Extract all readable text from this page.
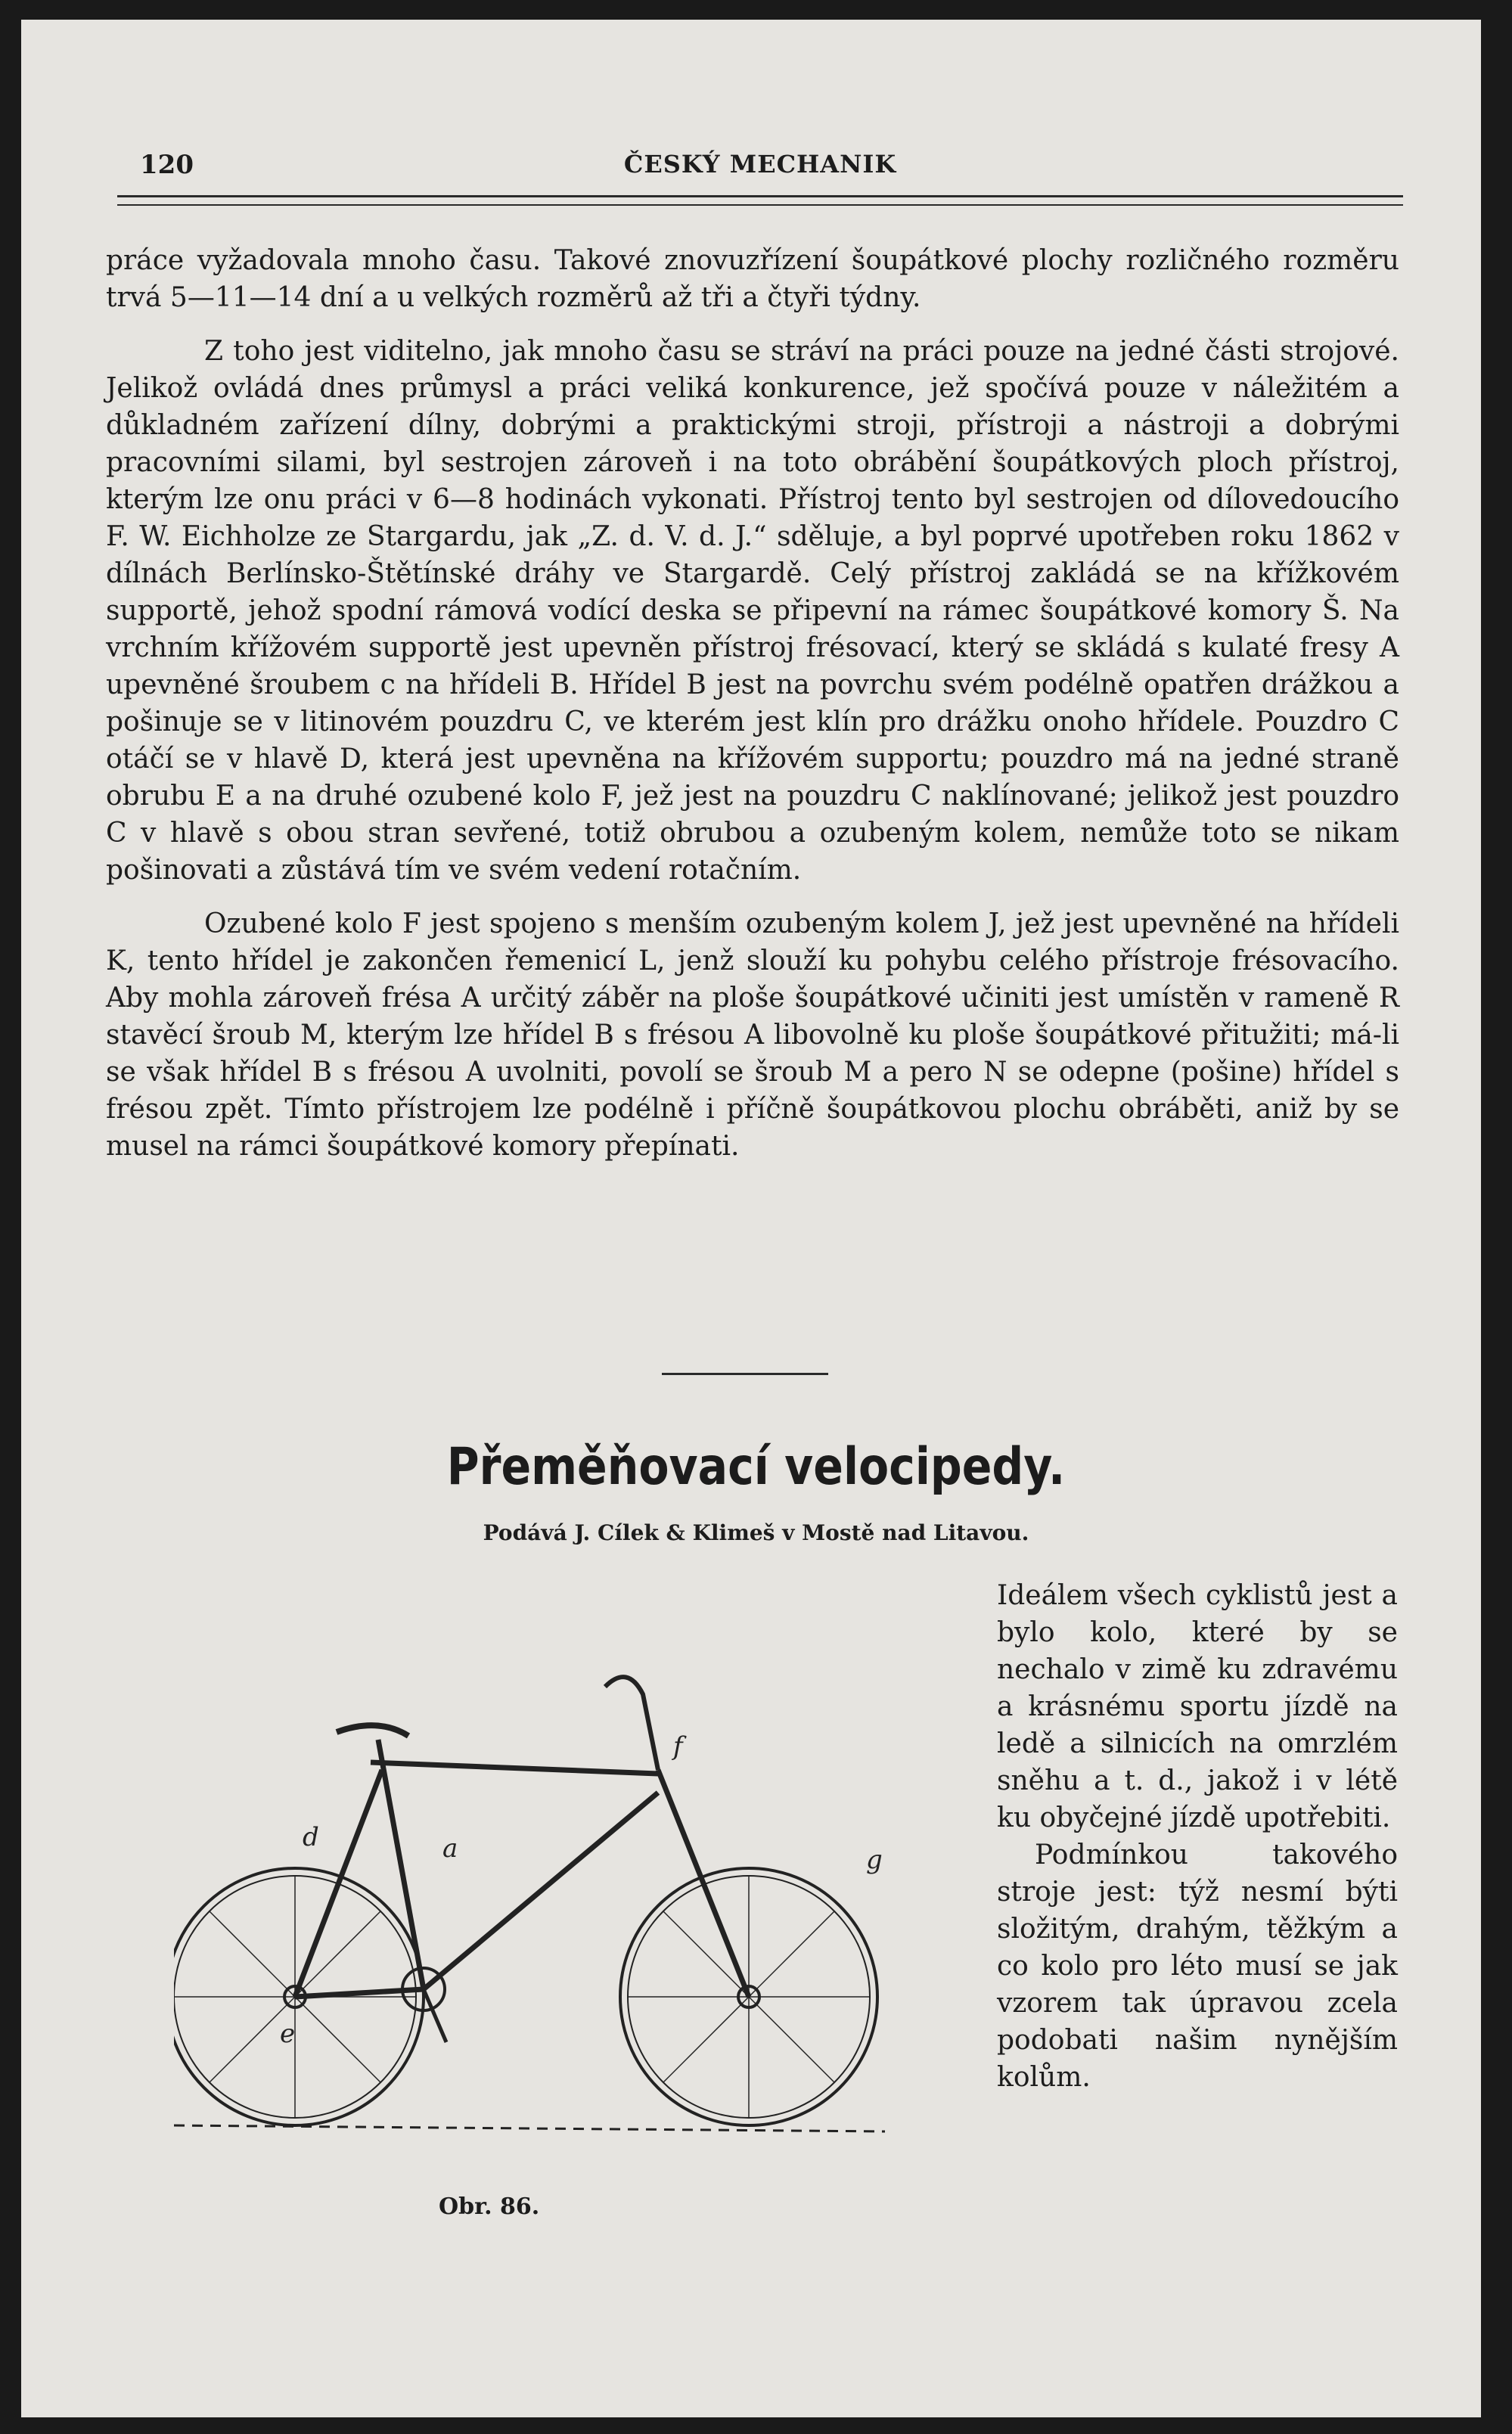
120	ČESKÝ MECHANIK

práce vyžadovala mnoho času. Takové znovuzřízení šoupátkové plochy rozličného rozměru trvá 5—11—14 dní a u velkých rozměrů až tři a čtyři týdny.

Z toho jest viditelno, jak mnoho času se stráví na práci pouze na jedné části strojové. Jelikož ovládá dnes průmysl a práci veliká konkurence, jež spočívá pouze v náležitém a důkladném zařízení dílny, dobrými a praktickými stroji, přístroji a nástroji a dobrými pracovními silami, byl sestrojen zároveň i na toto obrábění šoupátkových ploch přístroj, kterým lze onu práci v 6—8 hodinách vykonati. Přístroj tento byl sestrojen od dílovedoucího F. W. Eichholze ze Stargardu, jak „Z. d. V. d. J.“ sděluje, a byl poprvé upotřeben roku 1862 v dílnách Berlínsko-Štětínské dráhy ve Stargardě. Celý přístroj zakládá se na křížkovém supportě, jehož spodní rámová vodící deska se připevní na rámec šoupátkové komory Š. Na vrchním křížovém supportě jest upevněn přístroj frésovací, který se skládá s kulaté fresy A upevněné šroubem c na hřídeli B. Hřídel B jest na povrchu svém podélně opatřen drážkou a pošinuje se v litinovém pouzdru C, ve kterém jest klín pro drážku onoho hřídele. Pouzdro C otáčí se v hlavě D, která jest upevněna na křížovém supportu; pouzdro má na jedné straně obrubu E a na druhé ozubené kolo F, jež jest na pouzdru C naklínované; jelikož jest pouzdro C v hlavě s obou stran sevřené, totiž obrubou a ozubeným kolem, nemůže toto se nikam pošinovati a zůstává tím ve svém vedení rotačním.

Ozubené kolo F jest spojeno s menším ozubeným kolem J, jež jest upevněné na hřídeli K, tento hřídel je zakončen řemenicí L, jenž slouží ku pohybu celého přístroje frésovacího. Aby mohla zároveň frésa A určitý záběr na ploše šoupátkové učiniti jest umístěn v rameně R stavěcí šroub M, kterým lze hřídel B s frésou A libovolně ku ploše šoupátkové přitužiti; má-li se však hřídel B s frésou A uvolniti, povolí se šroub M a pero N se odepne (pošine) hřídel s frésou zpět. Tímto přístrojem lze podélně i příčně šoupátkovou plochu obráběti, aniž by se musel na rámci šoupátkové komory přepínati.

Přeměňovací velocipedy.
Podává J. Cílek & Klimeš v Mostě nad Litavou.
d
f
g
a
e
Obr. 86.

Ideálem všech cyklistů jest a bylo kolo, které by se nechalo v zimě ku zdravému a krásnému sportu jízdě na ledě a silnicích na omrzlém sněhu a t. d., jakož i v létě ku obyčejné jízdě upotřebiti.

Podmínkou takového stroje jest: týž nesmí býti složitým, drahým, těžkým a co kolo pro léto musí se jak vzorem tak úpravou zcela podobati našim nynějším kolům.
